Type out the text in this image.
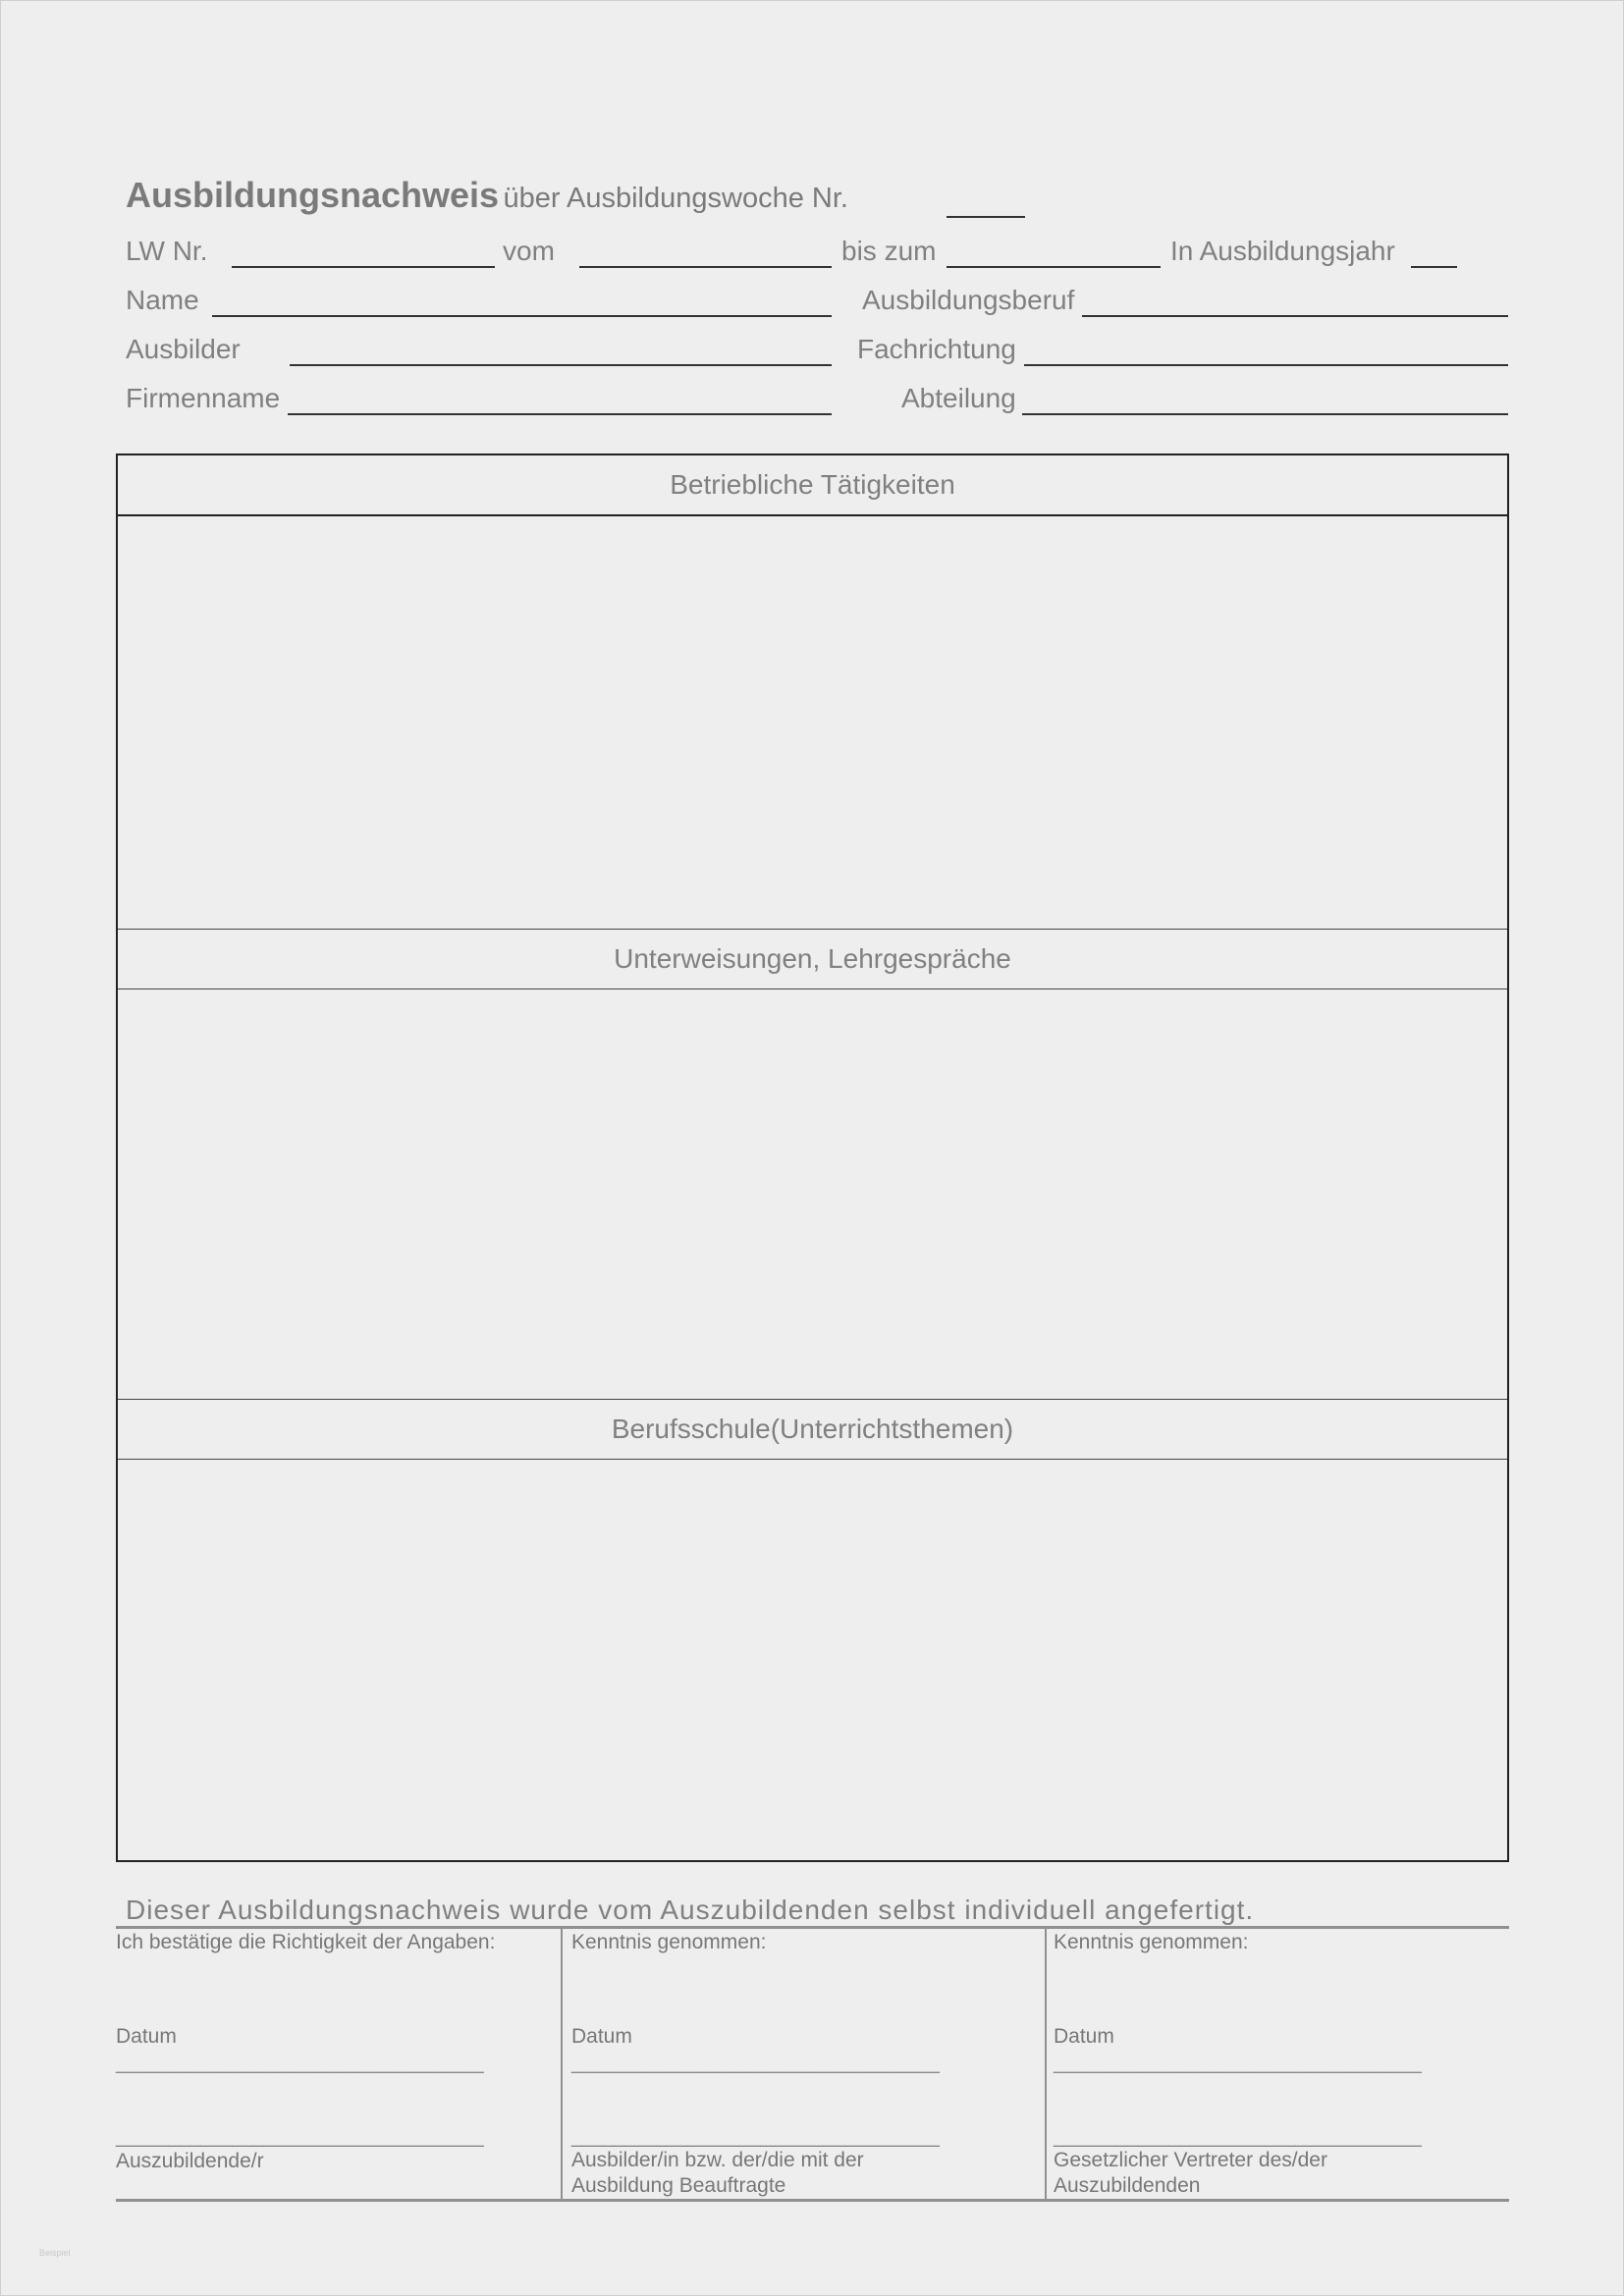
Ausbildungsnachweis über Ausbildungswoche Nr.
LW Nr.	vom	bis zum	In Ausbildungsjahr
Name	Ausbildungsberuf
Ausbilder	Fachrichtung
Firmenname	Abteilung
Betriebliche Tätigkeiten
Unterweisungen, Lehrgespräche
Berufsschule(Unterrichtsthemen)
Dieser Ausbildungsnachweis wurde vom Auszubildenden selbst individuell angefertigt.
Ich bestätige die Richtigkeit der Angaben:
Datum
___________________________________
___________________________________
Auszubildende/r
Kenntnis genommen:
Datum
___________________________________
___________________________________
Ausbilder/in bzw. der/die mit der Ausbildung Beauftragte
Kenntnis genommen:
Datum
___________________________________
___________________________________
Gesetzlicher Vertreter des/der Auszubildenden
Beispiel
